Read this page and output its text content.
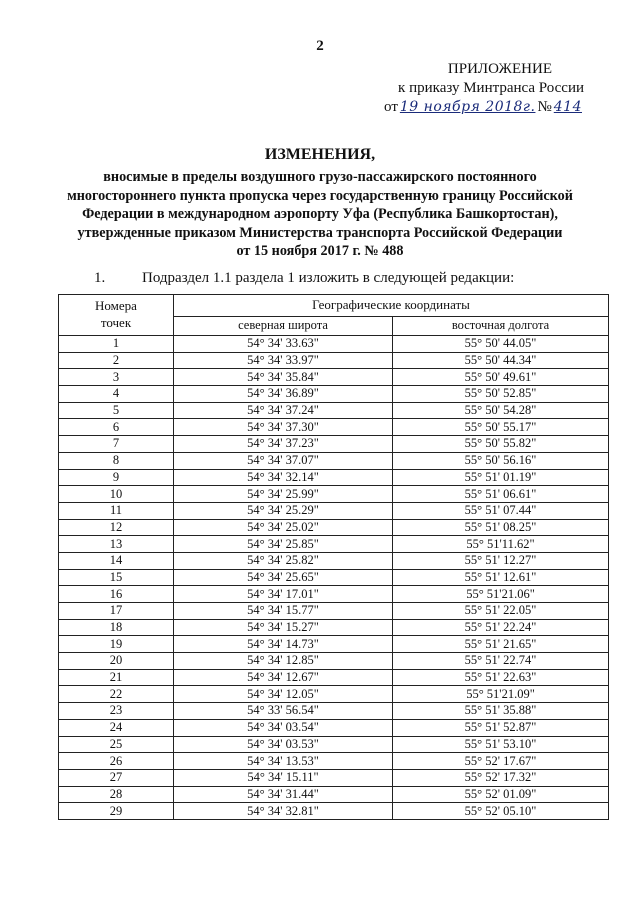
2
ПРИЛОЖЕНИЕ
к приказу Минтранса России
от 19 ноября 2018г. № 414
ИЗМЕНЕНИЯ,
вносимые в пределы воздушного грузо-пассажирского постоянного
многостороннего пункта пропуска через государственную границу Российской
Федерации в международном аэропорту Уфа (Республика Башкортостан),
утвержденные приказом Министерства транспорта Российской Федерации
от 15 ноября 2017 г. № 488
1. Подраздел 1.1 раздела 1 изложить в следующей редакции:
Номера
точек	Географические координаты	
	северная широта	восточная долгота
1	54° 34' 33.63"	55° 50' 44.05"
2	54° 34' 33.97"	55° 50' 44.34"
3	54° 34' 35.84"	55° 50' 49.61"
4	54° 34' 36.89"	55° 50' 52.85"
5	54° 34' 37.24"	55° 50' 54.28"
6	54° 34' 37.30"	55° 50' 55.17"
7	54° 34' 37.23"	55° 50' 55.82"
8	54° 34' 37.07"	55° 50' 56.16"
9	54° 34' 32.14"	55° 51' 01.19"
10	54° 34' 25.99"	55° 51' 06.61"
11	54° 34' 25.29"	55° 51' 07.44"
12	54° 34' 25.02"	55° 51' 08.25"
13	54° 34' 25.85"	55° 51'11.62"
14	54° 34' 25.82"	55° 51' 12.27"
15	54° 34' 25.65"	55° 51' 12.61"
16	54° 34' 17.01"	55° 51'21.06"
17	54° 34' 15.77"	55° 51' 22.05"
18	54° 34' 15.27"	55° 51' 22.24"
19	54° 34' 14.73"	55° 51' 21.65"
20	54° 34' 12.85"	55° 51' 22.74"
21	54° 34' 12.67"	55° 51' 22.63"
22	54° 34' 12.05"	55° 51'21.09"
23	54° 33' 56.54"	55° 51' 35.88"
24	54° 34' 03.54"	55° 51' 52.87"
25	54° 34' 03.53"	55° 51' 53.10"
26	54° 34' 13.53"	55° 52' 17.67"
27	54° 34' 15.11"	55° 52' 17.32"
28	54° 34' 31.44"	55° 52' 01.09"
29	54° 34' 32.81"	55° 52' 05.10"
